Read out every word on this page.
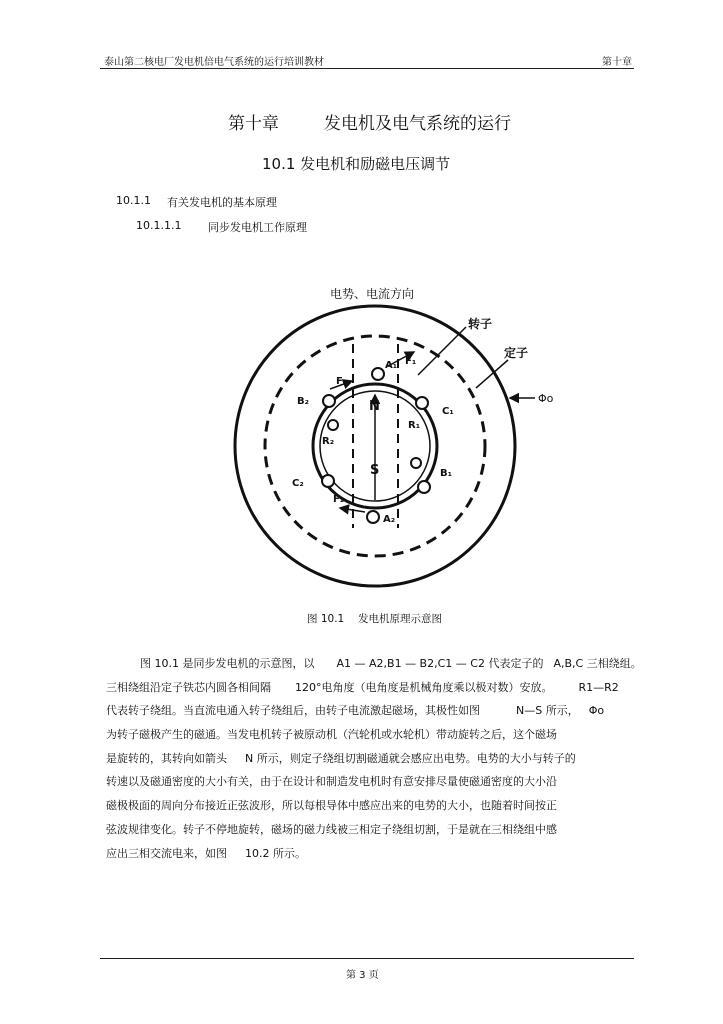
泰山第二核电厂发电机倍电气系统的运行培训教材	第十章
第十章	发电机及电气系统的运行
10.1 发电机和励磁电压调节
10.1.1 有关发电机的基本原理
10.1.1.1 同步发电机工作原理
电势、电流方向
转子
定子
Φo
N
S
A₁
A₂
B₂
B₁
C₁
C₂
R₁
R₂
F₁
F₂
F₃
图 10.1 发电机原理示意图
图 10.1 是同步发电机的示意图，以 A1 — A2,B1 — B2,C1 — C2 代表定子的 A,B,C 三相绕组。
三相绕组沿定子铁芯内圆各相间隔 120°电角度（电角度是机械角度乘以极对数）安放。 R1—R2
代表转子绕组。当直流电通入转子绕组后，由转子电流激起磁场，其极性如图	N—S 所示， Φo
为转子磁极产生的磁通。当发电机转子被原动机（汽轮机或水轮机）带动旋转之后，这个磁场
是旋转的，其转向如箭头 N 所示，则定子绕组切割磁通就会感应出电势。电势的大小与转子的
转速以及磁通密度的大小有关，由于在设计和制造发电机时有意安排尽量使磁通密度的大小沿
磁极极面的周向分布接近正弦波形，所以每根导体中感应出来的电势的大小，也随着时间按正
弦波规律变化。转子不停地旋转，磁场的磁力线被三相定子绕组切割，于是就在三相绕组中感
应出三相交流电来，如图 10.2 所示。
第 3 页
